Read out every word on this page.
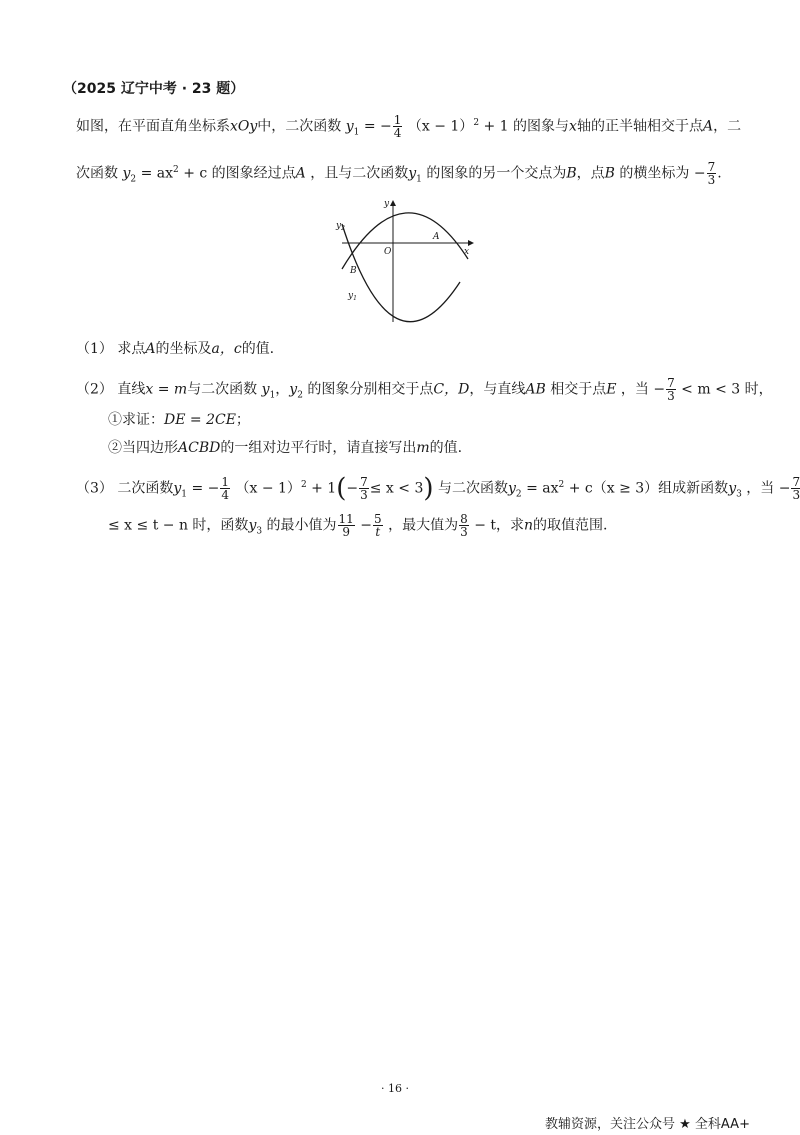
（2025 辽宁中考 · 23 题）
如图，在平面直角坐标系xOy中，二次函数 $y_1$ = − $\frac{1}{4} (x - 1)^2 + 1$ 的图象与x轴的正半轴相交于点A，二
次函数 $y_2 = ax^2 + c$ 的图象经过点A ，且与二次函数$y_1$ 的图象的另一个交点为B，点B 的横坐标为 − $\frac{7}{3}$ .
y
x
O
$y_2$
$y_1$
A
B
（1） 求点A的坐标及a，c的值.
（2） 直线x = m与二次函数 $y_1$，$y_2$ 的图象分别相交于点C，D，与直线AB 相交于点E ，当 − $\frac{7}{3} < m < 3$ 时，
①求证：DE = 2CE；
②当四边形ACBD的一组对边平行时，请直接写出m的值.
（3） 二次函数$y_1$ = − $\frac{1}{4} (x - 1)^2 + 1(- \frac{7}{3} \le x < 3)$ 与二次函数$y_2 = ax^2 + c(x \ge 3)$组成新函数$y_3$ ，当 − $\frac{7}{3}$
≤ x ≤ t − n 时，函数$y_3$ 的最小值为 $\frac{11}{9} - \frac{5}{t}$ ，最大值为 $\frac{8}{3} - t$，求n的取值范围.
· 16 ·
教辅资源，关注公众号 ★ 全科AA+
